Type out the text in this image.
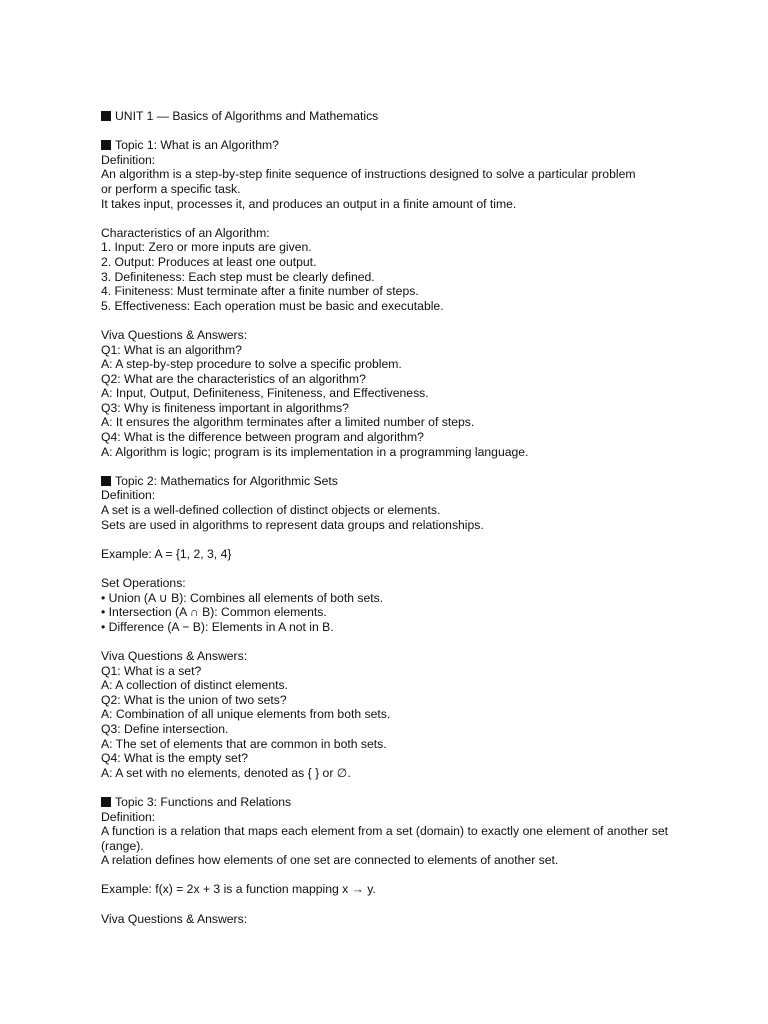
UNIT 1 — Basics of Algorithms and Mathematics
Topic 1: What is an Algorithm?
Definition:
An algorithm is a step-by-step finite sequence of instructions designed to solve a particular problem
or perform a specific task.
It takes input, processes it, and produces an output in a finite amount of time.
Characteristics of an Algorithm:
1. Input: Zero or more inputs are given.
2. Output: Produces at least one output.
3. Definiteness: Each step must be clearly defined.
4. Finiteness: Must terminate after a finite number of steps.
5. Effectiveness: Each operation must be basic and executable.
Viva Questions & Answers:
Q1: What is an algorithm?
A: A step-by-step procedure to solve a specific problem.
Q2: What are the characteristics of an algorithm?
A: Input, Output, Definiteness, Finiteness, and Effectiveness.
Q3: Why is finiteness important in algorithms?
A: It ensures the algorithm terminates after a limited number of steps.
Q4: What is the difference between program and algorithm?
A: Algorithm is logic; program is its implementation in a programming language.
Topic 2: Mathematics for Algorithmic Sets
Definition:
A set is a well-defined collection of distinct objects or elements.
Sets are used in algorithms to represent data groups and relationships.
Example: A = {1, 2, 3, 4}
Set Operations:
• Union (A ∪ B): Combines all elements of both sets.
• Intersection (A ∩ B): Common elements.
• Difference (A − B): Elements in A not in B.
Viva Questions & Answers:
Q1: What is a set?
A: A collection of distinct elements.
Q2: What is the union of two sets?
A: Combination of all unique elements from both sets.
Q3: Define intersection.
A: The set of elements that are common in both sets.
Q4: What is the empty set?
A: A set with no elements, denoted as { } or ∅.
Topic 3: Functions and Relations
Definition:
A function is a relation that maps each element from a set (domain) to exactly one element of another set (range).
A relation defines how elements of one set are connected to elements of another set.
Example: f(x) = 2x + 3 is a function mapping x → y.
Viva Questions & Answers:
